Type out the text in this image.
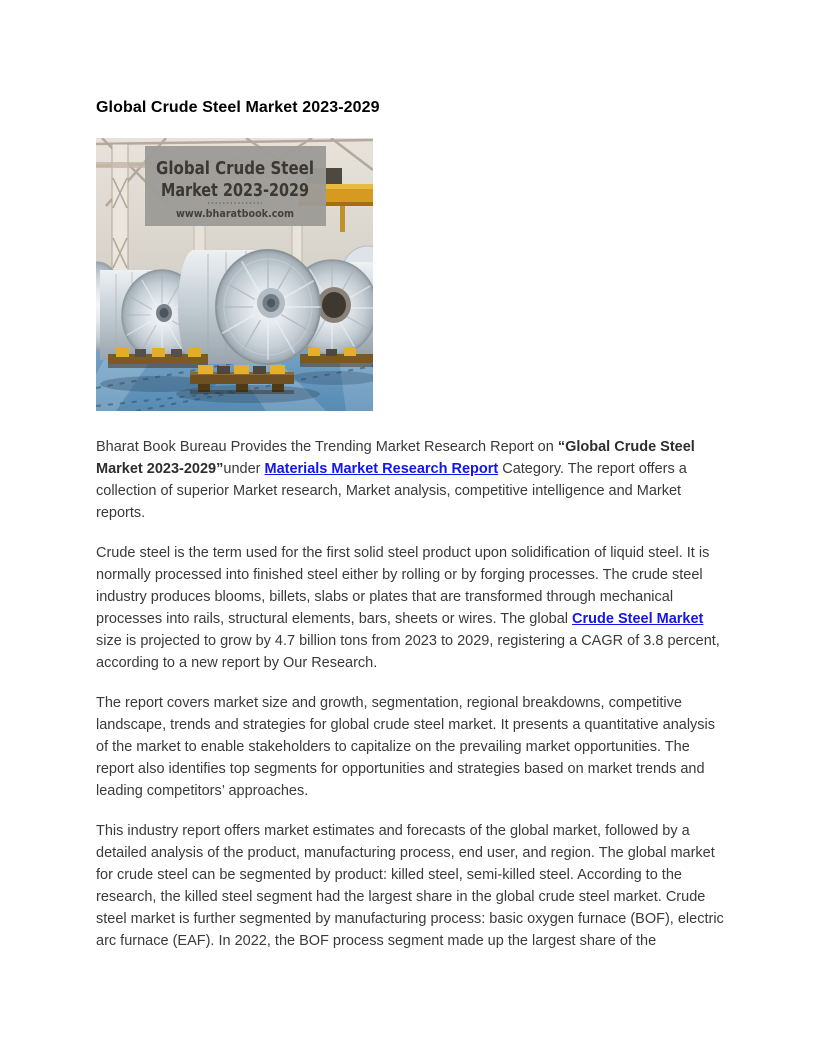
Global Crude Steel Market 2023-2029
Global Crude Steel
Market 2023-2029
www.bharatbook.com

Bharat Book Bureau Provides the Trending Market Research Report on “Global Crude Steel Market 2023-2029”under Materials Market Research Report Category. The report offers a collection of superior Market research, Market analysis, competitive intelligence and Market reports.

Crude steel is the term used for the first solid steel product upon solidification of liquid steel. It is normally processed into finished steel either by rolling or by forging processes. The crude steel industry produces blooms, billets, slabs or plates that are transformed through mechanical processes into rails, structural elements, bars, sheets or wires. The global Crude Steel Market size is projected to grow by 4.7 billion tons from 2023 to 2029, registering a CAGR of 3.8 percent, according to a new report by Our Research.

The report covers market size and growth, segmentation, regional breakdowns, competitive landscape, trends and strategies for global crude steel market. It presents a quantitative analysis of the market to enable stakeholders to capitalize on the prevailing market opportunities. The report also identifies top segments for opportunities and strategies based on market trends and leading competitors’ approaches.

This industry report offers market estimates and forecasts of the global market, followed by a detailed analysis of the product, manufacturing process, end user, and region. The global market for crude steel can be segmented by product: killed steel, semi-killed steel. According to the research, the killed steel segment had the largest share in the global crude steel market. Crude steel market is further segmented by manufacturing process: basic oxygen furnace (BOF), electric arc furnace (EAF). In 2022, the BOF process segment made up the largest share of the
